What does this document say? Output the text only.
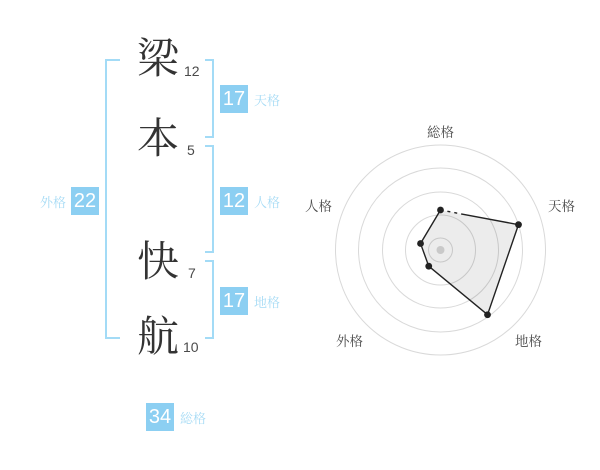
梁
本
快
航
12
5
7
10
17 天格
12 人格
17 地格
外格 22
34 総格
総格
天格
地格
外格
人格
